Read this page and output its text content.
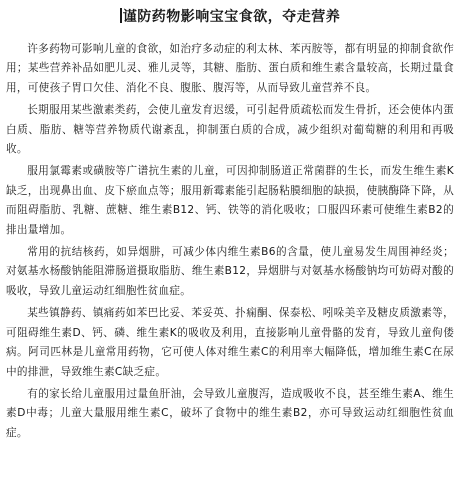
谨防药物影响宝宝食欲，夺走营养

许多药物可影响儿童的食欲，如治疗多动症的利太林、苯丙胺等，都有明显的抑制食欲作用；某些营养补品如肥儿灵、雅儿灵等，其糖、脂肪、蛋白质和维生素含量较高，长期过量食用，可使孩子胃口欠佳、消化不良、腹胀、腹泻等，从而导致儿童营养不良。

长期服用某些激素类药，会使儿童发育迟缓，可引起骨质疏松而发生骨折，还会使体内蛋白质、脂肪、糖等营养物质代谢紊乱，抑制蛋白质的合成，减少组织对葡萄糖的利用和再吸收。

服用氯霉素或磺胺等广谱抗生素的儿童，可因抑制肠道正常菌群的生长，而发生维生素K缺乏，出现鼻出血、皮下瘀血点等；服用新霉素能引起肠粘膜细胞的缺损，使胰酶降下降，从而阻碍脂肪、乳糖、蔗糖、维生素B12、钙、铁等的消化吸收；口服四环素可使维生素B2的排出量增加。

常用的抗结核药，如异烟肼，可减少体内维生素B6的含量，使儿童易发生周围神经炎；对氨基水杨酸钠能阻滞肠道摄取脂肪、维生素B12，异烟肼与对氨基水杨酸钠均可妨碍对酸的吸收，导致儿童运动红细胞性贫血症。

某些镇静药、镇痛药如苯巴比妥、苯妥英、扑痫酮、保泰松、吲哚美辛及糖皮质激素等，可阻碍维生素D、钙、磷、维生素K的吸收及利用，直接影响儿童骨骼的发育，导致儿童佝偻病。阿司匹林是儿童常用药物，它可使人体对维生素C的利用率大幅降低，增加维生素C在尿中的排泄，导致维生素C缺乏症。

有的家长给儿童服用过量鱼肝油，会导致儿童腹泻，造成吸收不良，甚至维生素A、维生素D中毒；儿童大量服用维生素C，破坏了食物中的维生素B2，亦可导致运动红细胞性贫血症。
